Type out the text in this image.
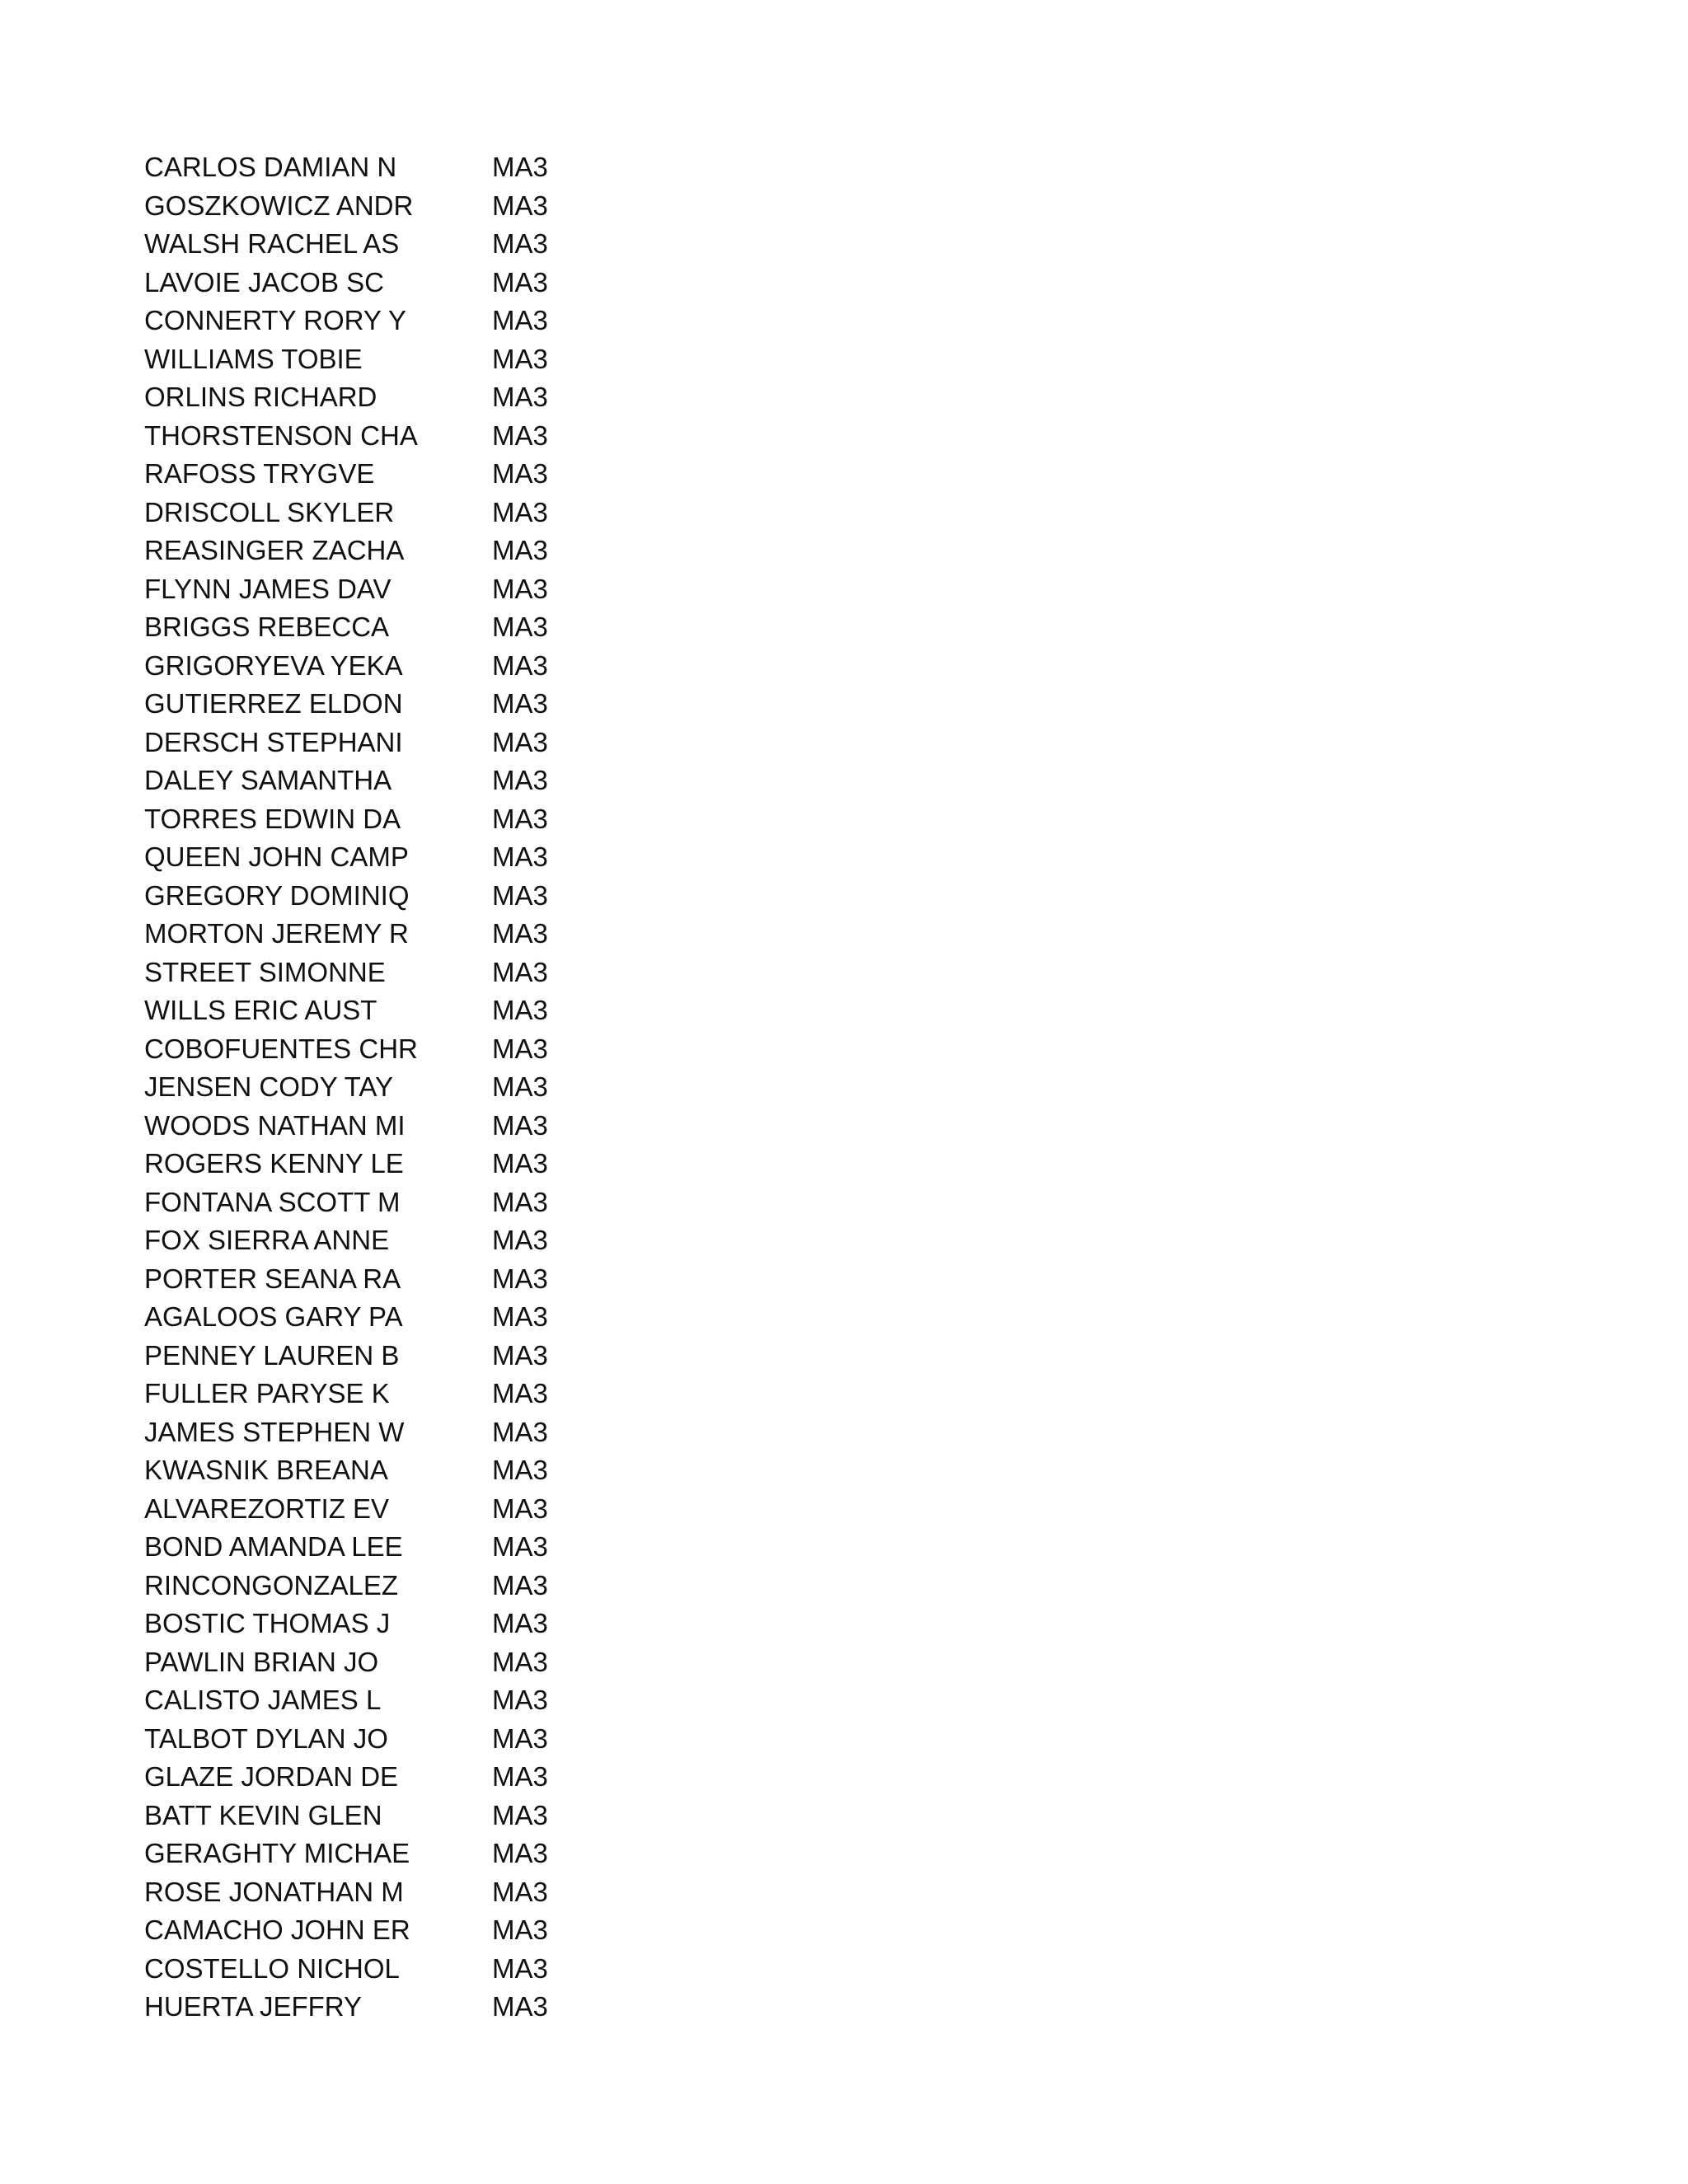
CARLOS DAMIAN N	MA3
GOSZKOWICZ ANDR	MA3
WALSH RACHEL AS	MA3
LAVOIE JACOB SC	MA3
CONNERTY RORY Y	MA3
WILLIAMS TOBIE	MA3
ORLINS RICHARD	MA3
THORSTENSON CHA	MA3
RAFOSS TRYGVE	MA3
DRISCOLL SKYLER	MA3
REASINGER ZACHA	MA3
FLYNN JAMES DAV	MA3
BRIGGS REBECCA	MA3
GRIGORYEVA YEKA	MA3
GUTIERREZ ELDON	MA3
DERSCH STEPHANI	MA3
DALEY SAMANTHA	MA3
TORRES EDWIN DA	MA3
QUEEN JOHN CAMP	MA3
GREGORY DOMINIQ	MA3
MORTON JEREMY R	MA3
STREET SIMONNE	MA3
WILLS ERIC AUST	MA3
COBOFUENTES CHR	MA3
JENSEN CODY TAY	MA3
WOODS NATHAN MI	MA3
ROGERS KENNY LE	MA3
FONTANA SCOTT M	MA3
FOX SIERRA ANNE	MA3
PORTER SEANA RA	MA3
AGALOOS GARY PA	MA3
PENNEY LAUREN B	MA3
FULLER PARYSE K	MA3
JAMES STEPHEN W	MA3
KWASNIK BREANA	MA3
ALVAREZORTIZ EV	MA3
BOND AMANDA LEE	MA3
RINCONGONZALEZ	MA3
BOSTIC THOMAS J	MA3
PAWLIN BRIAN JO	MA3
CALISTO JAMES L	MA3
TALBOT DYLAN JO	MA3
GLAZE JORDAN DE	MA3
BATT KEVIN GLEN	MA3
GERAGHTY MICHAE	MA3
ROSE JONATHAN M	MA3
CAMACHO JOHN ER	MA3
COSTELLO NICHOL	MA3
HUERTA JEFFRY	MA3
